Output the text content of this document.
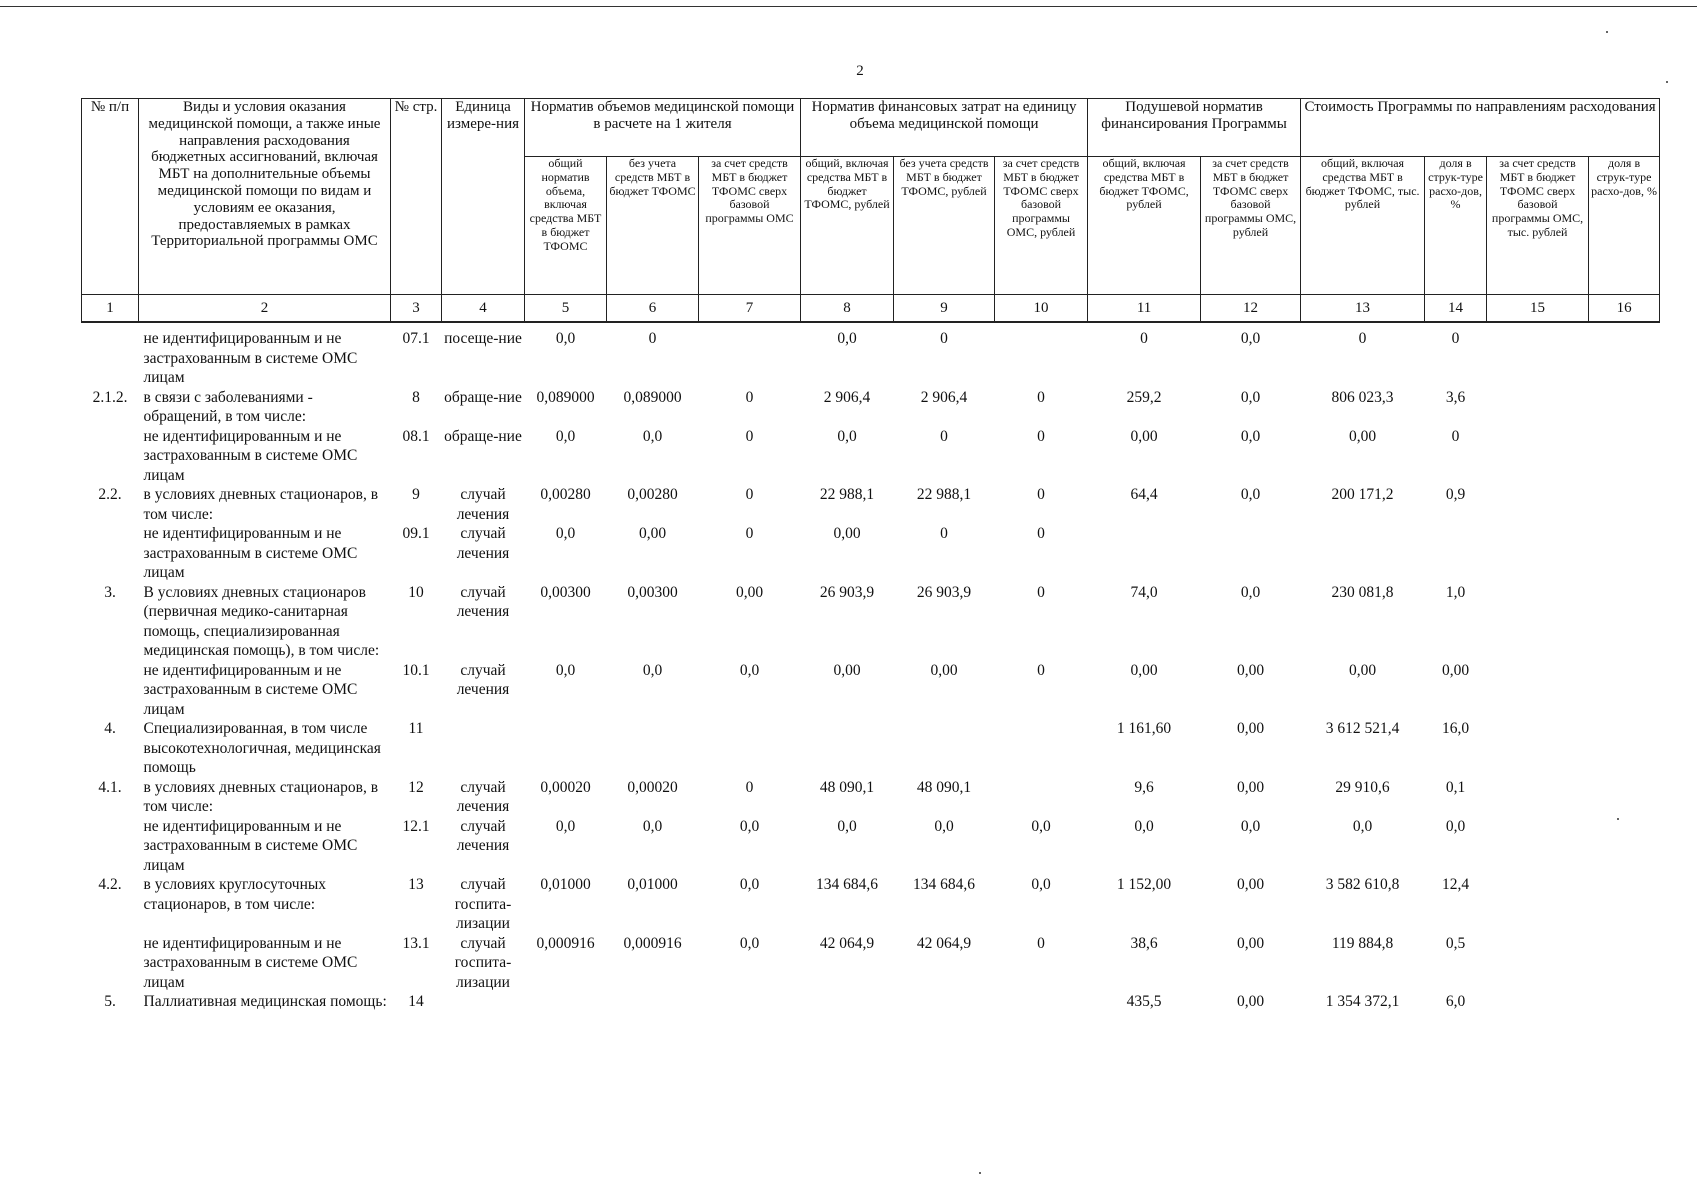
2
№ п/п	Виды и условия оказания медицинской помощи, а также иные направления расходования бюджетных ассигнований, включая МБТ на дополнительные объемы медицинской помощи по видам и условиям ее оказания, предоставляемых в рамках Территориальной программы ОМС	№ стр.	Единица измере-ния	Норматив объемов медицинской помощи в расчете на 1 жителя			Норматив финансовых затрат на единицу объема медицинской помощи			Подушевой норматив финансирования Программы		Стоимость Программы по направлениям расходования			
				общий норматив объема, включая средства МБТ в бюджет ТФОМС	без учета средств МБТ в бюджет ТФОМС	за счет средств МБТ в бюджет ТФОМС сверх базовой программы ОМС	общий, включая средства МБТ в бюджет ТФОМС, рублей	без учета средств МБТ в бюджет ТФОМС, рублей	за счет средств МБТ в бюджет ТФОМС сверх базовой программы ОМС, рублей	общий, включая средства МБТ в бюджет ТФОМС, рублей	за счет средств МБТ в бюджет ТФОМС сверх базовой программы ОМС, рублей	общий, включая средства МБТ в бюджет ТФОМС, тыс. рублей	доля в струк-туре расхо-дов, %	за счет средств МБТ в бюджет ТФОМС сверх базовой программы ОМС, тыс. рублей	доля в струк-туре расхо-дов, %
1	2	3	4	5	6	7	8	9	10	11	12	13	14	15	16

	не идентифицированным и не застрахованным в системе ОМС лицам	07.1	посеще-ние	0,0	0		0,0	0		0	0,0	0	0		
2.1.2.	в связи с заболеваниями - обращений, в том числе:	8	обраще-ние	0,089000	0,089000	0	2 906,4	2 906,4	0	259,2	0,0	806 023,3	3,6		
	не идентифицированным и не застрахованным в системе ОМС лицам	08.1	обраще-ние	0,0	0,0	0	0,0	0	0	0,00	0,0	0,00	0		
2.2.	в условиях дневных стационаров, в том числе:	9	случай лечения	0,00280	0,00280	0	22 988,1	22 988,1	0	64,4	0,0	200 171,2	0,9		
	не идентифицированным и не застрахованным в системе ОМС лицам	09.1	случай лечения	0,0	0,00	0	0,00	0	0						
3.	В условиях дневных стационаров (первичная медико-санитарная помощь, специализированная медицинская помощь), в том числе:	10	случай лечения	0,00300	0,00300	0,00	26 903,9	26 903,9	0	74,0	0,0	230 081,8	1,0		
	не идентифицированным и не застрахованным в системе ОМС лицам	10.1	случай лечения	0,0	0,0	0,0	0,00	0,00	0	0,00	0,00	0,00	0,00		
4.	Специализированная, в том числе высокотехнологичная, медицинская помощь	11								1 161,60	0,00	3 612 521,4	16,0		
4.1.	в условиях дневных стационаров, в том числе:	12	случай лечения	0,00020	0,00020	0	48 090,1	48 090,1		9,6	0,00	29 910,6	0,1		
	не идентифицированным и не застрахованным в системе ОМС лицам	12.1	случай лечения	0,0	0,0	0,0	0,0	0,0	0,0	0,0	0,0	0,0	0,0		
4.2.	в условиях круглосуточных стационаров, в том числе:	13	случай госпита-лизации	0,01000	0,01000	0,0	134 684,6	134 684,6	0,0	1 152,00	0,00	3 582 610,8	12,4		
	не идентифицированным и не застрахованным в системе ОМС лицам	13.1	случай госпита-лизации	0,000916	0,000916	0,0	42 064,9	42 064,9	0	38,6	0,00	119 884,8	0,5		
5.	Паллиативная медицинская помощь:	14								435,5	0,00	1 354 372,1	6,0		
